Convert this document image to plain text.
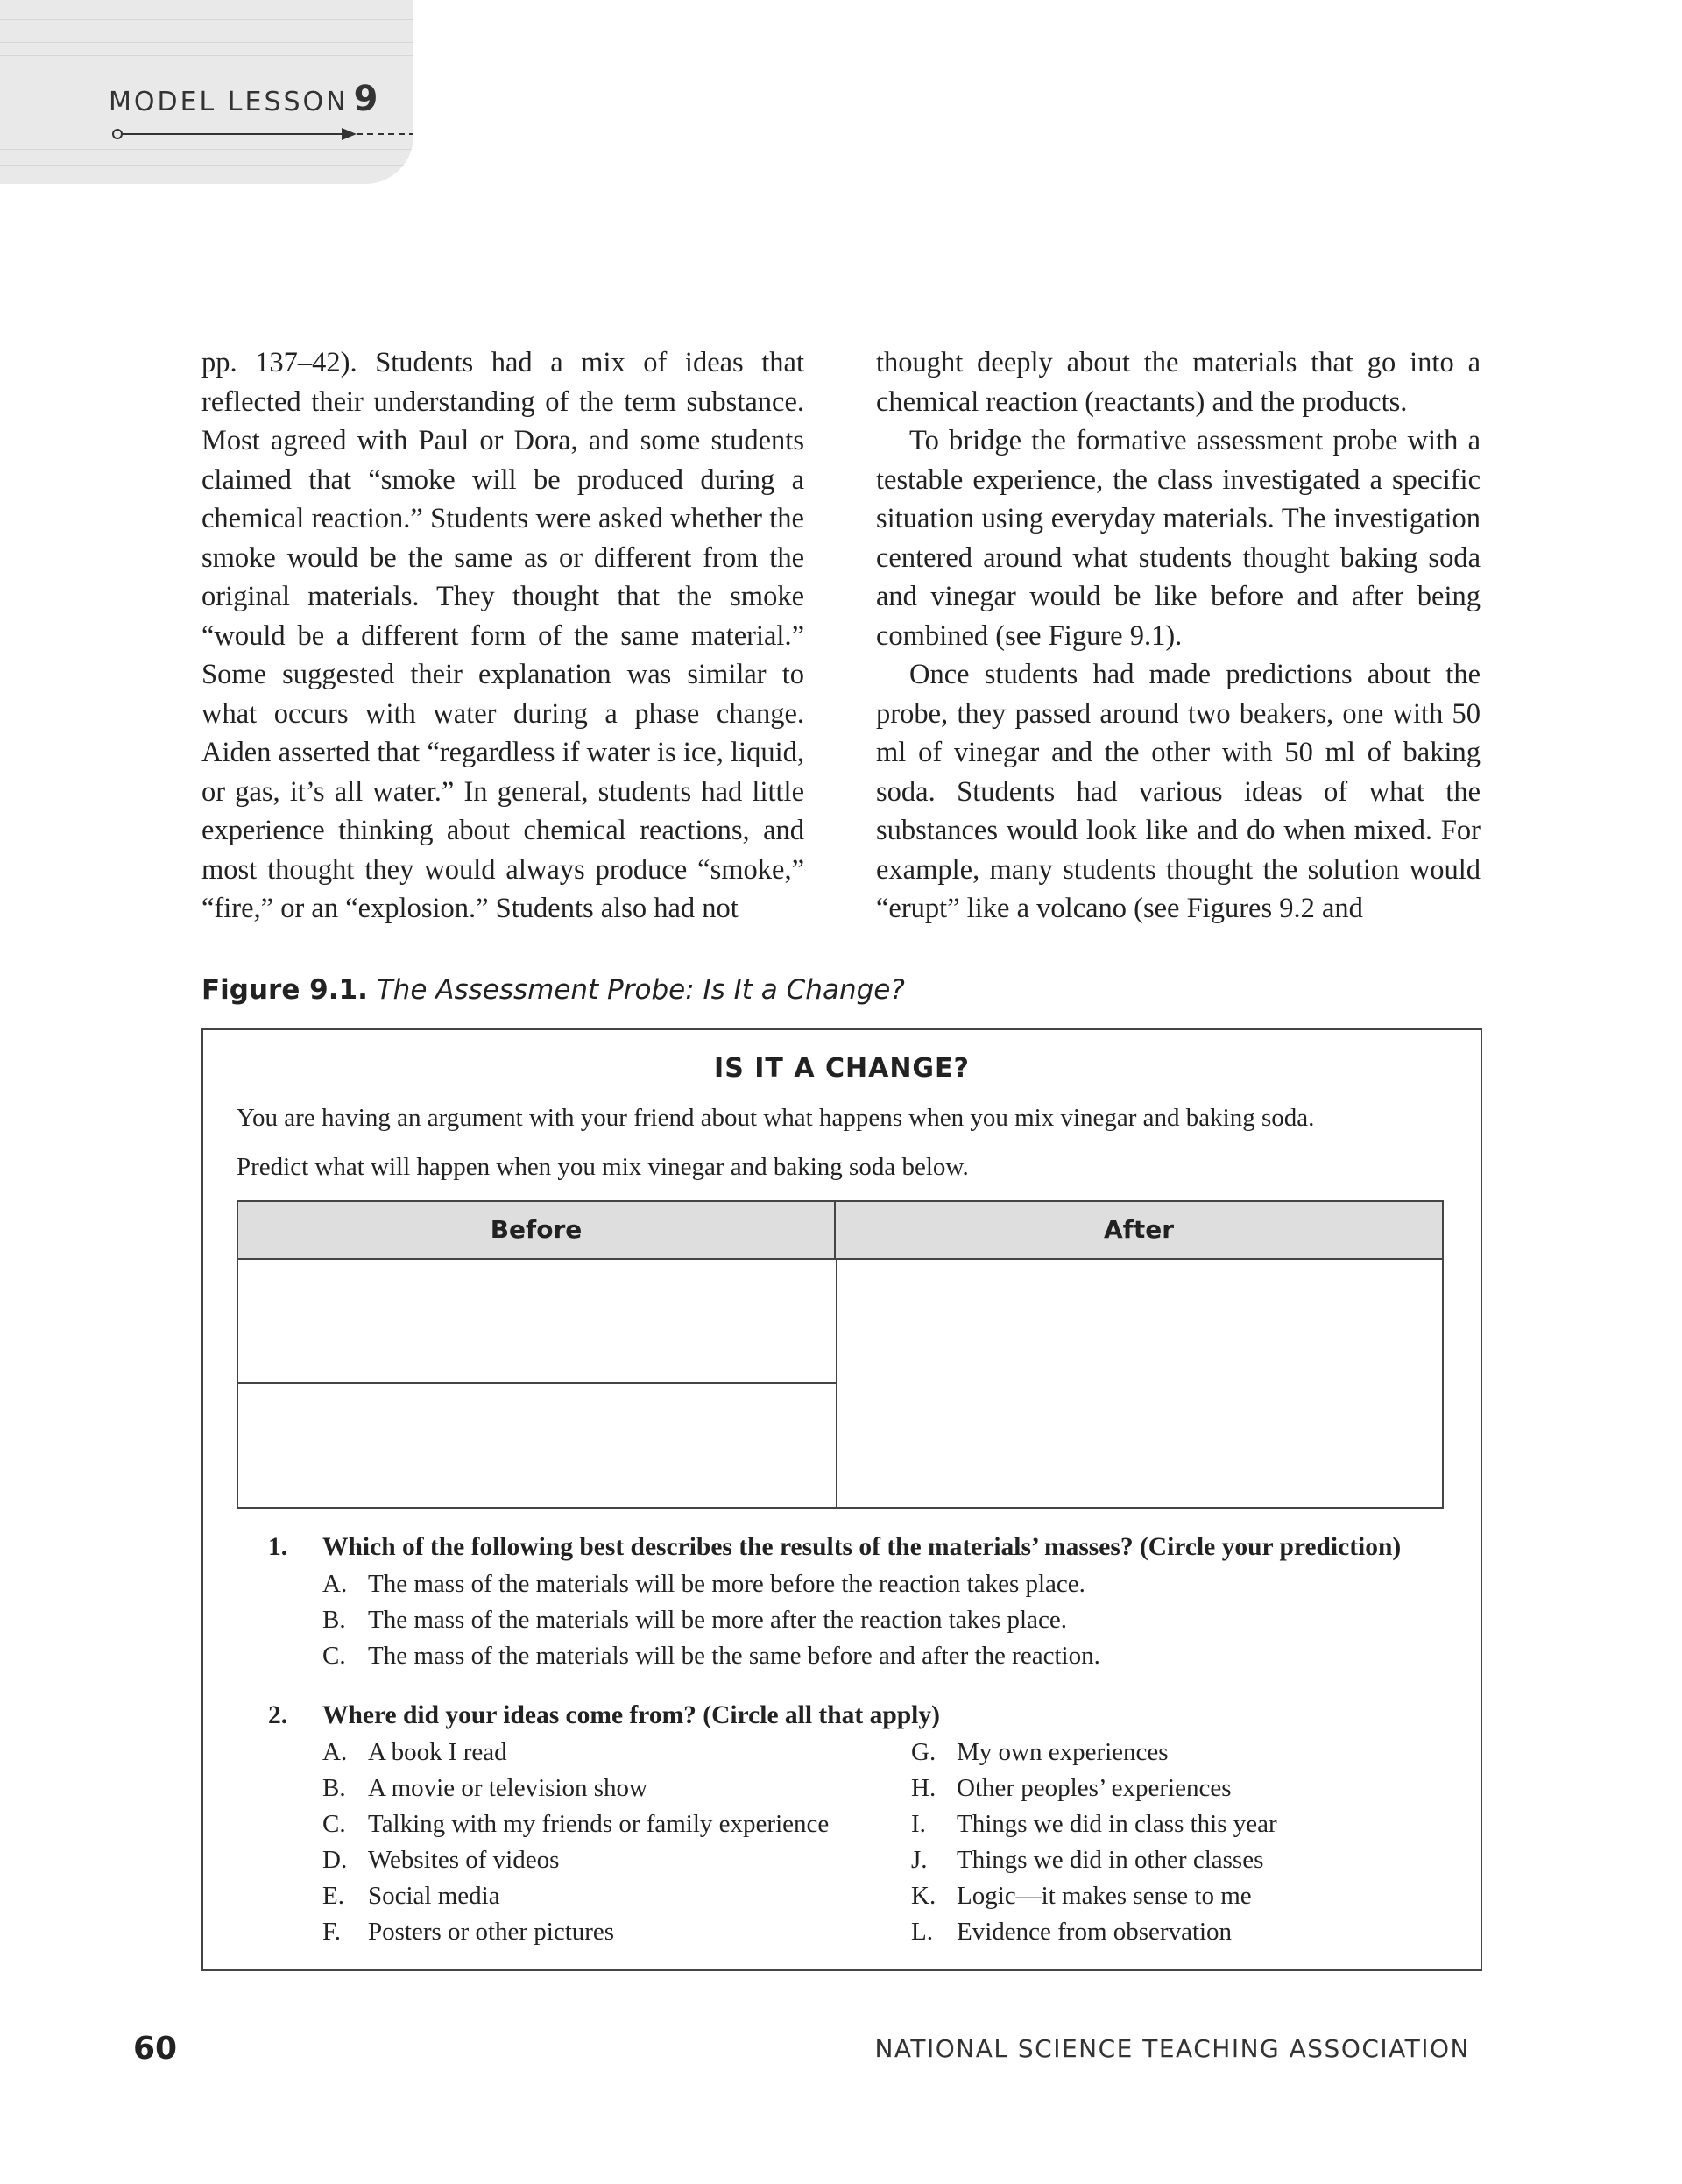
MODEL LESSON 9

pp. 137–42). Students had a mix of ideas that reflected their understanding of the term substance. Most agreed with Paul or Dora, and some students claimed that “smoke will be produced during a chemical reaction.” Students were asked whether the smoke would be the same as or different from the original materials. They thought that the smoke “would be a different form of the same material.” Some suggested their explanation was similar to what occurs with water during a phase change. Aiden asserted that “regardless if water is ice, liquid, or gas, it’s all water.” In general, students had little experience thinking about chemical reactions, and most thought they would always produce “smoke,” “fire,” or an “explosion.” Students also had not

thought deeply about the materials that go into a chemical reaction (reactants) and the products.

To bridge the formative assessment probe with a testable experience, the class investigated a specific situation using everyday materials. The investigation centered around what students thought baking soda and vinegar would be like before and after being combined (see Figure 9.1).

Once students had made predictions about the probe, they passed around two beakers, one with 50 ml of vinegar and the other with 50 ml of baking soda. Students had various ideas of what the substances would look like and do when mixed. For example, many students thought the solution would “erupt” like a volcano (see Figures 9.2 and

Figure 9.1. The Assessment Probe: Is It a Change?
IS IT A CHANGE?
You are having an argument with your friend about what happens when you mix vinegar and baking soda.
Predict what will happen when you mix vinegar and baking soda below.
Before	After
1. Which of the following best describes the results of the materials’ masses? (Circle your prediction)
A. The mass of the materials will be more before the reaction takes place.
B. The mass of the materials will be more after the reaction takes place.
C. The mass of the materials will be the same before and after the reaction.
2. Where did your ideas come from? (Circle all that apply)
A. A book I read
B. A movie or television show
C. Talking with my friends or family experience
D. Websites of videos
E. Social media
F. Posters or other pictures
G. My own experiences
H. Other peoples’ experiences
I. Things we did in class this year
J. Things we did in other classes
K. Logic—it makes sense to me
L. Evidence from observation
60	NATIONAL SCIENCE TEACHING ASSOCIATION
